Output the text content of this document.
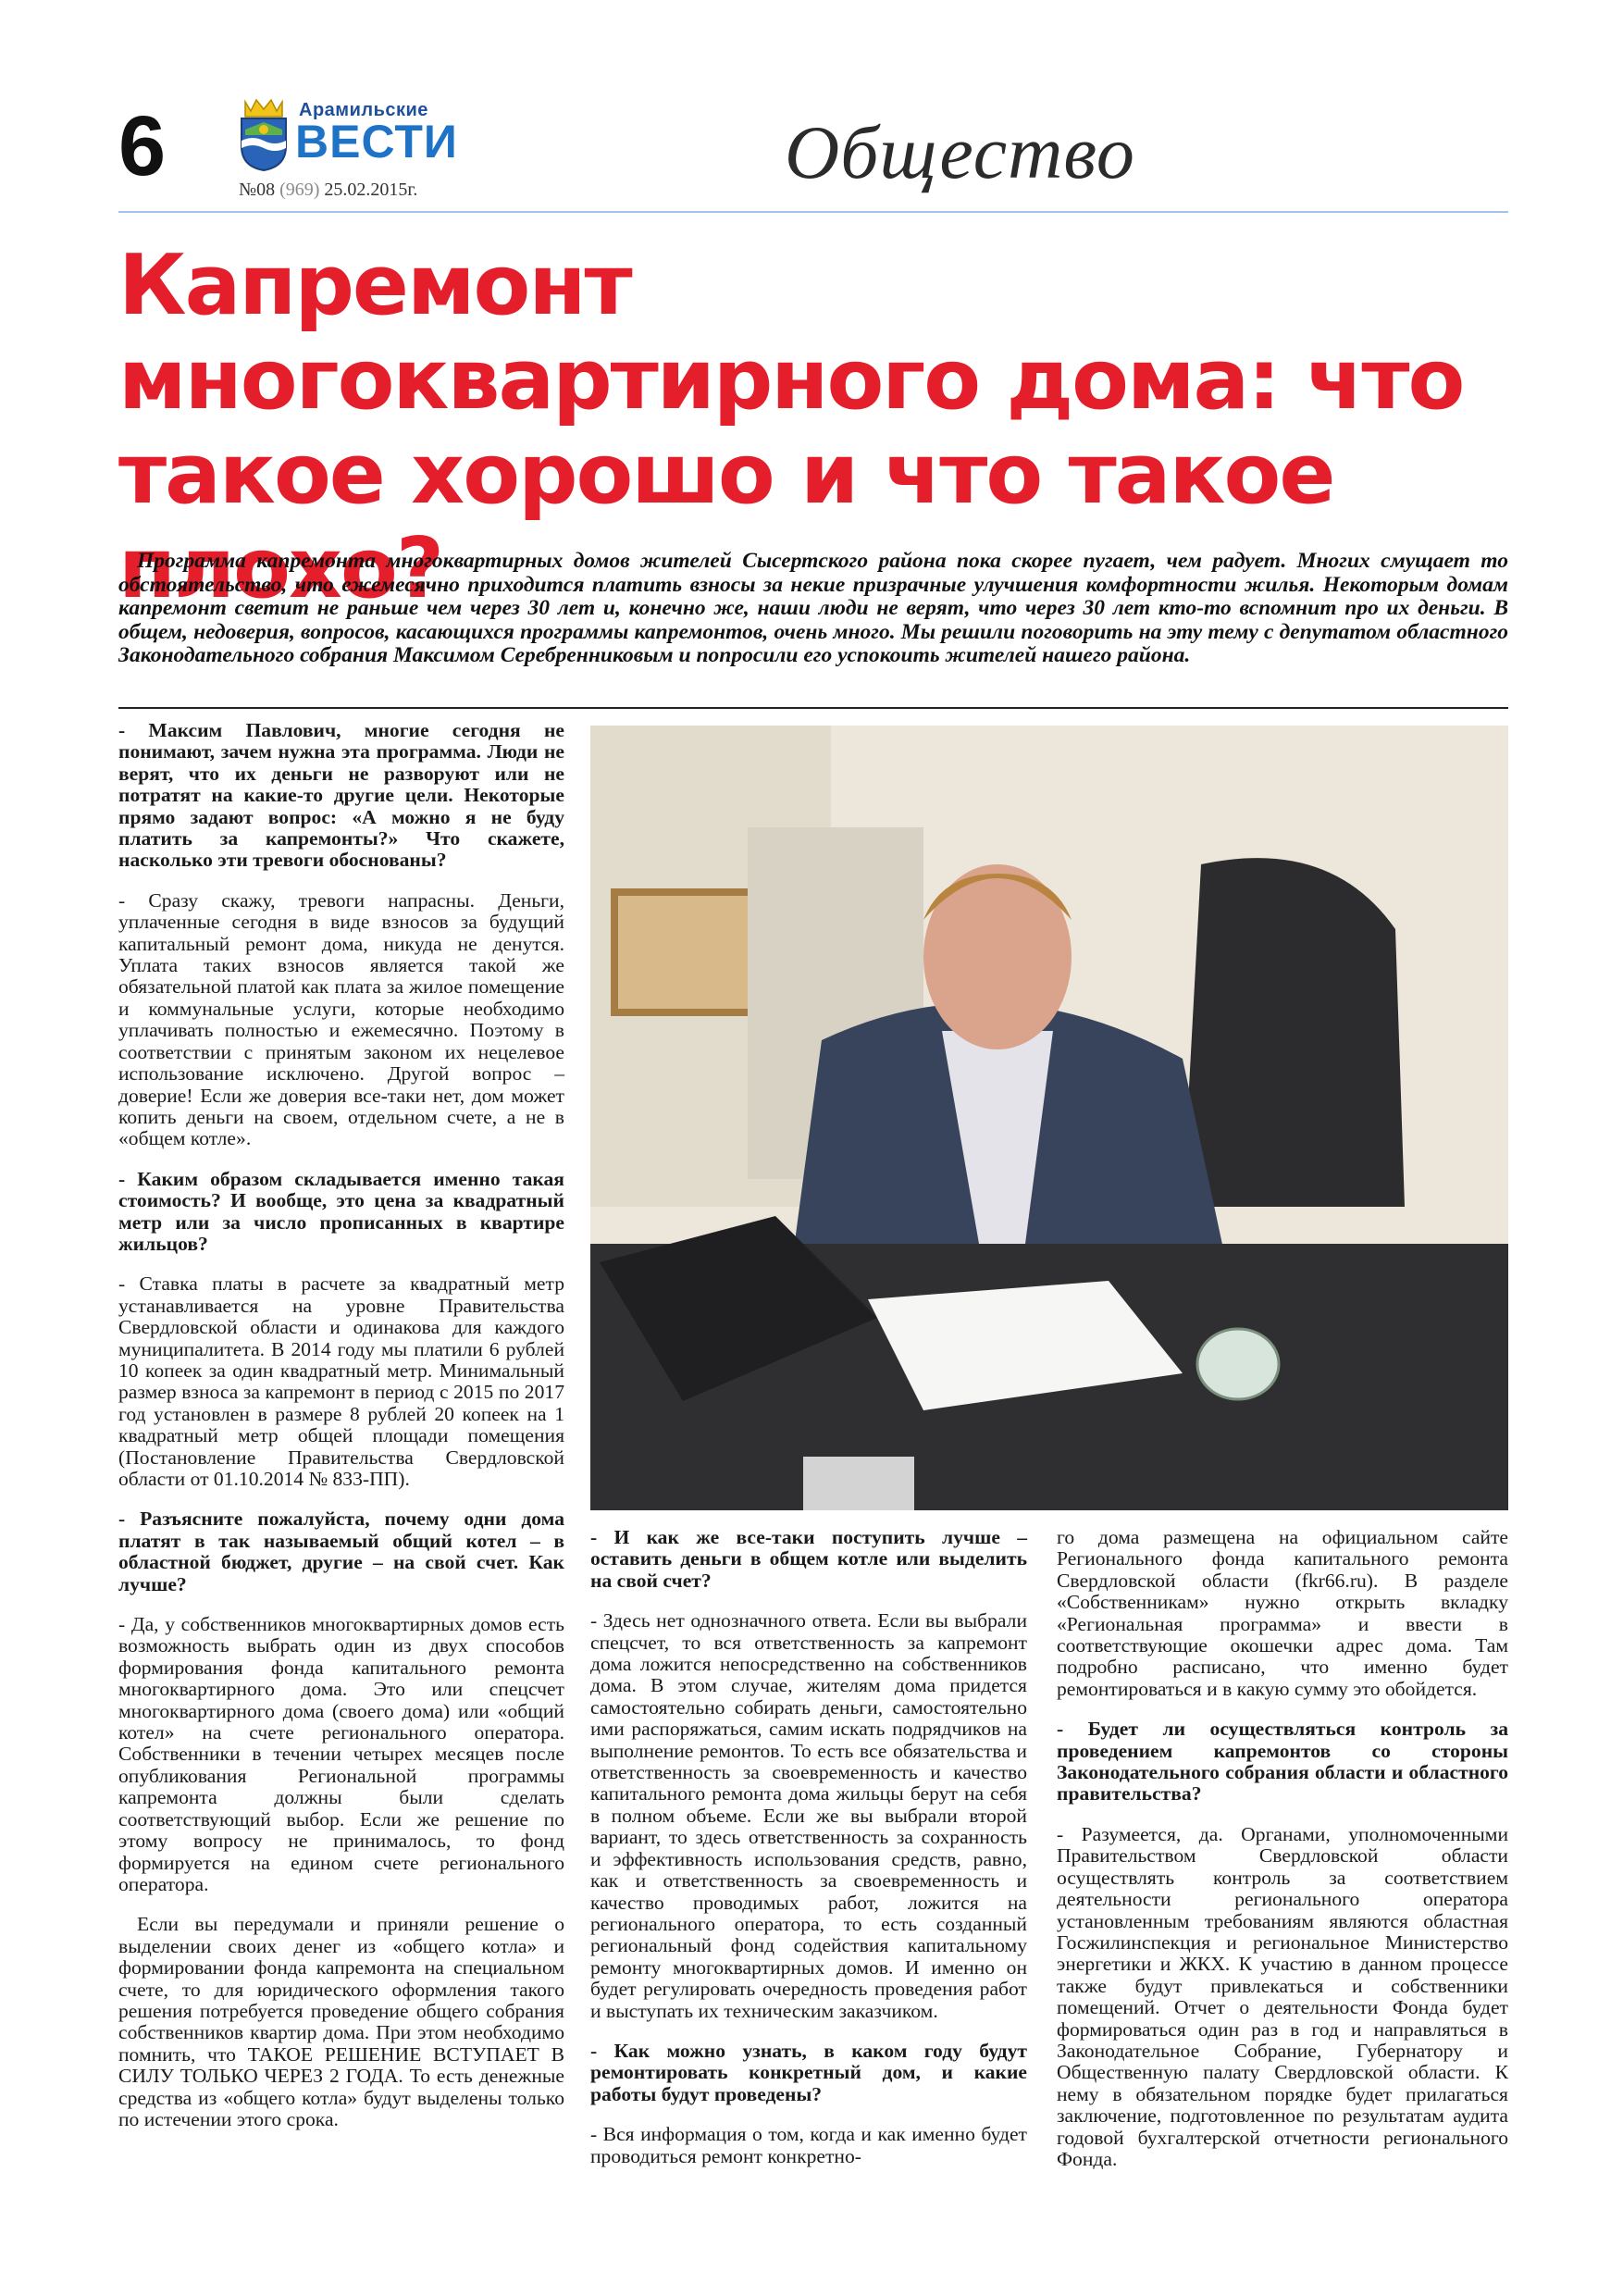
6	Арамильские
ВЕСТИ
№08 (969) 25.02.2015г.	Общество
Капремонт многоквартирного дома: что такое хорошо и что такое плохо?
Программа капремонта многоквартирных домов жителей Сысертского района пока скорее пугает, чем радует. Многих смущает то обстоятельство, что ежемесячно приходится платить взносы за некие призрачные улучшения комфортности жилья. Некоторым домам капремонт светит не раньше чем через 30 лет и, конечно же, наши люди не верят, что через 30 лет кто-то вспомнит про их деньги. В общем, недоверия, вопросов, касающихся программы капремонтов, очень много. Мы решили поговорить на эту тему с депутатом областного Законодательного собрания Максимом Серебренниковым и попросили его успокоить жителей нашего района.

- Максим Павлович, многие сегодня не понимают, зачем нужна эта программа. Люди не верят, что их деньги не разворуют или не потратят на какие-то другие цели. Некоторые прямо задают вопрос: «А можно я не буду платить за капремонты?» Что скажете, насколько эти тревоги обоснованы?

- Сразу скажу, тревоги напрасны. Деньги, уплаченные сегодня в виде взносов за будущий капитальный ремонт дома, никуда не денутся. Уплата таких взносов является такой же обязательной платой как плата за жилое помещение и коммунальные услуги, которые необходимо уплачивать полностью и ежемесячно. Поэтому в соответствии с принятым законом их нецелевое использование исключено. Другой вопрос – доверие! Если же доверия все-таки нет, дом может копить деньги на своем, отдельном счете, а не в «общем котле».

- Каким образом складывается именно такая стоимость? И вообще, это цена за квадратный метр или за число прописанных в квартире жильцов?

- Ставка платы в расчете за квадратный метр устанавливается на уровне Правительства Свердловской области и одинакова для каждого муниципалитета. В 2014 году мы платили 6 рублей 10 копеек за один квадратный метр. Минимальный размер взноса за капремонт в период с 2015 по 2017 год установлен в размере 8 рублей 20 копеек на 1 квадратный метр общей площади помещения (Постановление Правительства Свердловской области от 01.10.2014 № 833-ПП).

- Разъясните пожалуйста, почему одни дома платят в так называемый общий котел – в областной бюджет, другие – на свой счет. Как лучше?

- Да, у собственников многоквартирных домов есть возможность выбрать один из двух способов формирования фонда капитального ремонта многоквартирного дома. Это или спецсчет многоквартирного дома (своего дома) или «общий котел» на счете регионального оператора. Собственники в течении четырех месяцев после опубликования Региональной программы капремонта должны были сделать соответствующий выбор. Если же решение по этому вопросу не принималось, то фонд формируется на едином счете регионального оператора.

Если вы передумали и приняли решение о выделении своих денег из «общего котла» и формировании фонда капремонта на специальном счете, то для юридического оформления такого решения потребуется проведение общего собрания собственников квартир дома. При этом необходимо помнить, что ТАКОЕ РЕШЕНИЕ ВСТУПАЕТ В СИЛУ ТОЛЬКО ЧЕРЕЗ 2 ГОДА. То есть денежные средства из «общего котла» будут выделены только по истечении этого срока.

- И как же все-таки поступить лучше – оставить деньги в общем котле или выделить на свой счет?

- Здесь нет однозначного ответа. Если вы выбрали спецсчет, то вся ответственность за капремонт дома ложится непосредственно на собственников дома. В этом случае, жителям дома придется самостоятельно собирать деньги, самостоятельно ими распоряжаться, самим искать подрядчиков на выполнение ремонтов. То есть все обязательства и ответственность за своевременность и качество капитального ремонта дома жильцы берут на себя в полном объеме. Если же вы выбрали второй вариант, то здесь ответственность за сохранность и эффективность использования средств, равно, как и ответственность за своевременность и качество проводимых работ, ложится на регионального оператора, то есть созданный региональный фонд содействия капитальному ремонту многоквартирных домов. И именно он будет регулировать очередность проведения работ и выступать их техническим заказчиком.

- Как можно узнать, в каком году будут ремонтировать конкретный дом, и какие работы будут проведены?

- Вся информация о том, когда и как именно будет проводиться ремонт конкретно-

го дома размещена на официальном сайте Регионального фонда капитального ремонта Свердловской области (fkr66.ru). В разделе «Собственникам» нужно открыть вкладку «Региональная программа» и ввести в соответствующие окошечки адрес дома. Там подробно расписано, что именно будет ремонтироваться и в какую сумму это обойдется.

- Будет ли осуществляться контроль за проведением капремонтов со стороны Законодательного собрания области и областного правительства?

- Разумеется, да. Органами, уполномоченными Правительством Свердловской области осуществлять контроль за соответствием деятельности регионального оператора установленным требованиям являются областная Госжилинспекция и региональное Министерство энергетики и ЖКХ. К участию в данном процессе также будут привлекаться и собственники помещений. Отчет о деятельности Фонда будет формироваться один раз в год и направляться в Законодательное Собрание, Губернатору и Общественную палату Свердловской области. К нему в обязательном порядке будет прилагаться заключение, подготовленное по результатам аудита годовой бухгалтерской отчетности регионального Фонда.
